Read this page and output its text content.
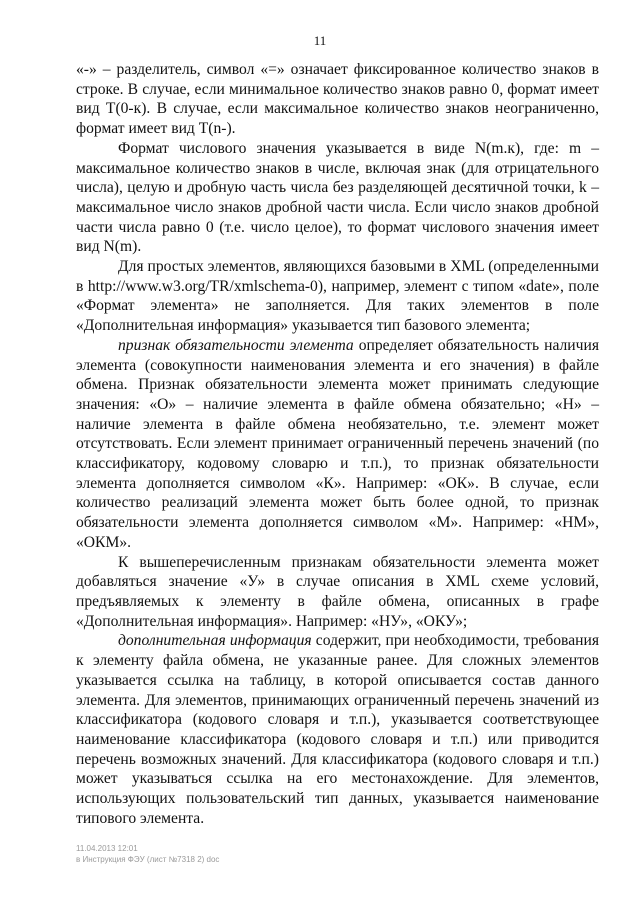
11

«-» – разделитель, символ «=» означает фиксированное количество знаков в строке. В случае, если минимальное количество знаков равно 0, формат имеет вид T(0-к). В случае, если максимальное количество знаков неограниченно, формат имеет вид T(n-).

Формат числового значения указывается в виде N(m.к), где: m – максимальное количество знаков в числе, включая знак (для отрицательного числа), целую и дробную часть числа без разделяющей десятичной точки, k – максимальное число знаков дробной части числа. Если число знаков дробной части числа равно 0 (т.е. число целое), то формат числового значения имеет вид N(m).

Для простых элементов, являющихся базовыми в XML (определенными в http://www.w3.org/TR/xmlschema-0), например, элемент с типом «date», поле «Формат элемента» не заполняется. Для таких элементов в поле «Дополнительная информация» указывается тип базового элемента;

признак обязательности элемента определяет обязательность наличия элемента (совокупности наименования элемента и его значения) в файле обмена. Признак обязательности элемента может принимать следующие значения: «О» – наличие элемента в файле обмена обязательно; «Н» – наличие элемента в файле обмена необязательно, т.е. элемент может отсутствовать. Если элемент принимает ограниченный перечень значений (по классификатору, кодовому словарю и т.п.), то признак обязательности элемента дополняется символом «К». Например: «ОК». В случае, если количество реализаций элемента может быть более одной, то признак обязательности элемента дополняется символом «М». Например: «НМ», «ОКМ».

К вышеперечисленным признакам обязательности элемента может добавляться значение «У» в случае описания в XML схеме условий, предъявляемых к элементу в файле обмена, описанных в графе «Дополнительная информация». Например: «НУ», «ОКУ»;

дополнительная информация содержит, при необходимости, требования к элементу файла обмена, не указанные ранее. Для сложных элементов указывается ссылка на таблицу, в которой описывается состав данного элемента. Для элементов, принимающих ограниченный перечень значений из классификатора (кодового словаря и т.п.), указывается соответствующее наименование классификатора (кодового словаря и т.п.) или приводится перечень возможных значений. Для классификатора (кодового словаря и т.п.) может указываться ссылка на его местонахождение. Для элементов, использующих пользовательский тип данных, указывается наименование типового элемента.

11.04.2013 12:01
в Инструкция ФЭУ (лист №7318 2) doc
